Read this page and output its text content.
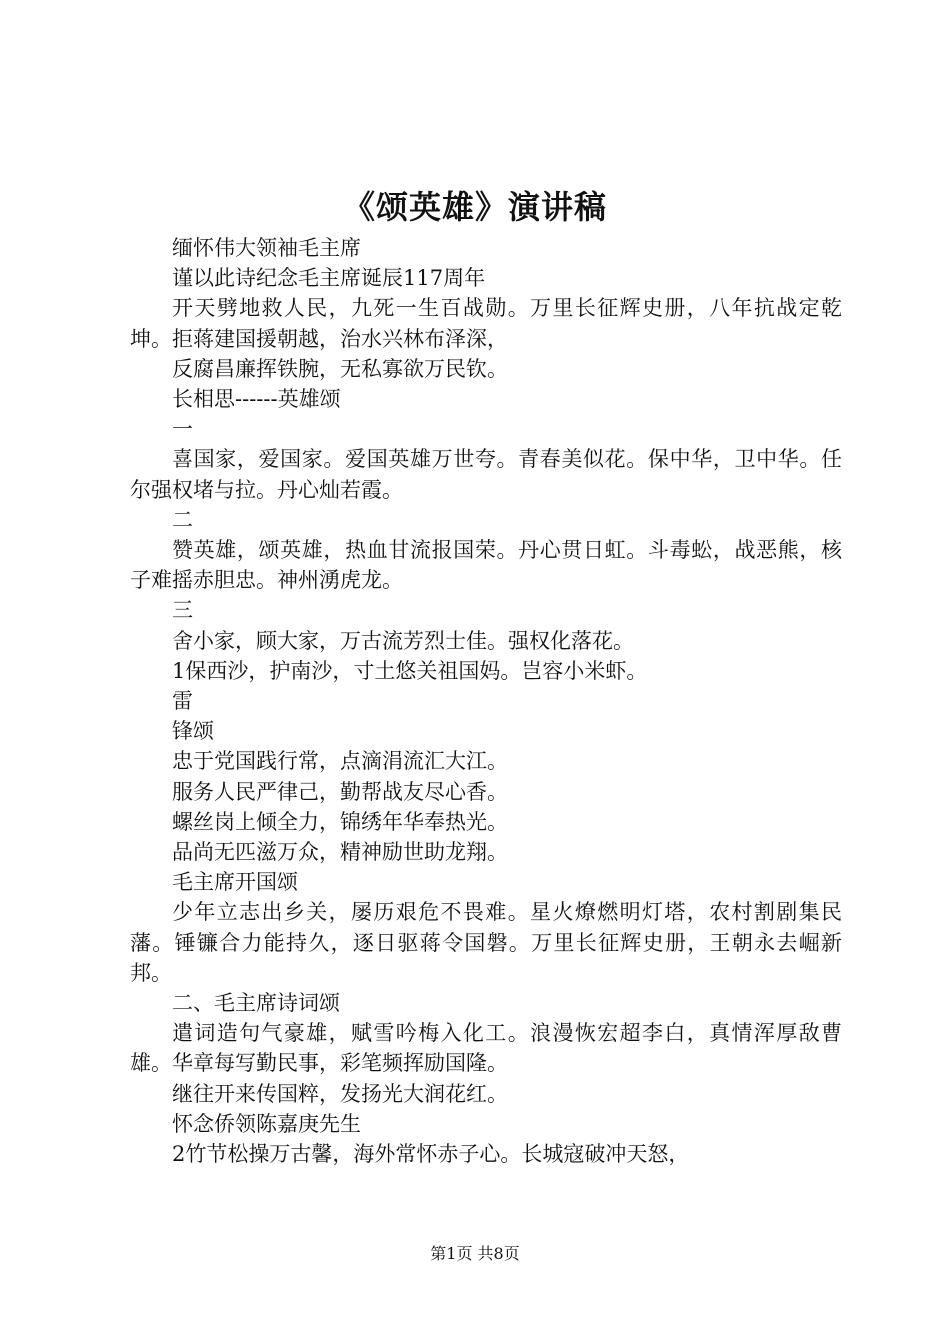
《颂英雄》演讲稿

缅怀伟大领袖毛主席

谨以此诗纪念毛主席诞辰117周年

开天劈地救人民，九死一生百战勋。万里长征辉史册，八年抗战定乾坤。拒蒋建国援朝越，治水兴林布泽深，

反腐昌廉挥铁腕，无私寡欲万民钦。

长相思------英雄颂

一

喜国家，爱国家。爱国英雄万世夸。青春美似花。保中华，卫中华。任尔强权堵与拉。丹心灿若霞。

二

赞英雄，颂英雄，热血甘流报国荣。丹心贯日虹。斗毒蚣，战恶熊，核子难摇赤胆忠。神州湧虎龙。

三

舍小家，顾大家，万古流芳烈士佳。强权化落花。

1保西沙，护南沙，寸土悠关祖国妈。岂容小米虾。

雷

锋颂

忠于党国践行常，点滴涓流汇大江。

服务人民严律己，勤帮战友尽心香。

螺丝岗上倾全力，锦绣年华奉热光。

品尚无匹滋万众，精神励世助龙翔。

毛主席开国颂

少年立志出乡关，屡历艰危不畏难。星火燎燃明灯塔，农村割剧集民藩。锤镰合力能持久，逐日驱蒋令国磐。万里长征辉史册，王朝永去崛新邦。

二、毛主席诗词颂

遣词造句气豪雄，赋雪吟梅入化工。浪漫恢宏超李白，真情浑厚敌曹雄。华章每写勤民事，彩笔频挥励国隆。

继往开来传国粹，发扬光大润花红。

怀念侨领陈嘉庚先生

2竹节松操万古馨，海外常怀赤子心。长城寇破冲天怒，

第1页 共8页
